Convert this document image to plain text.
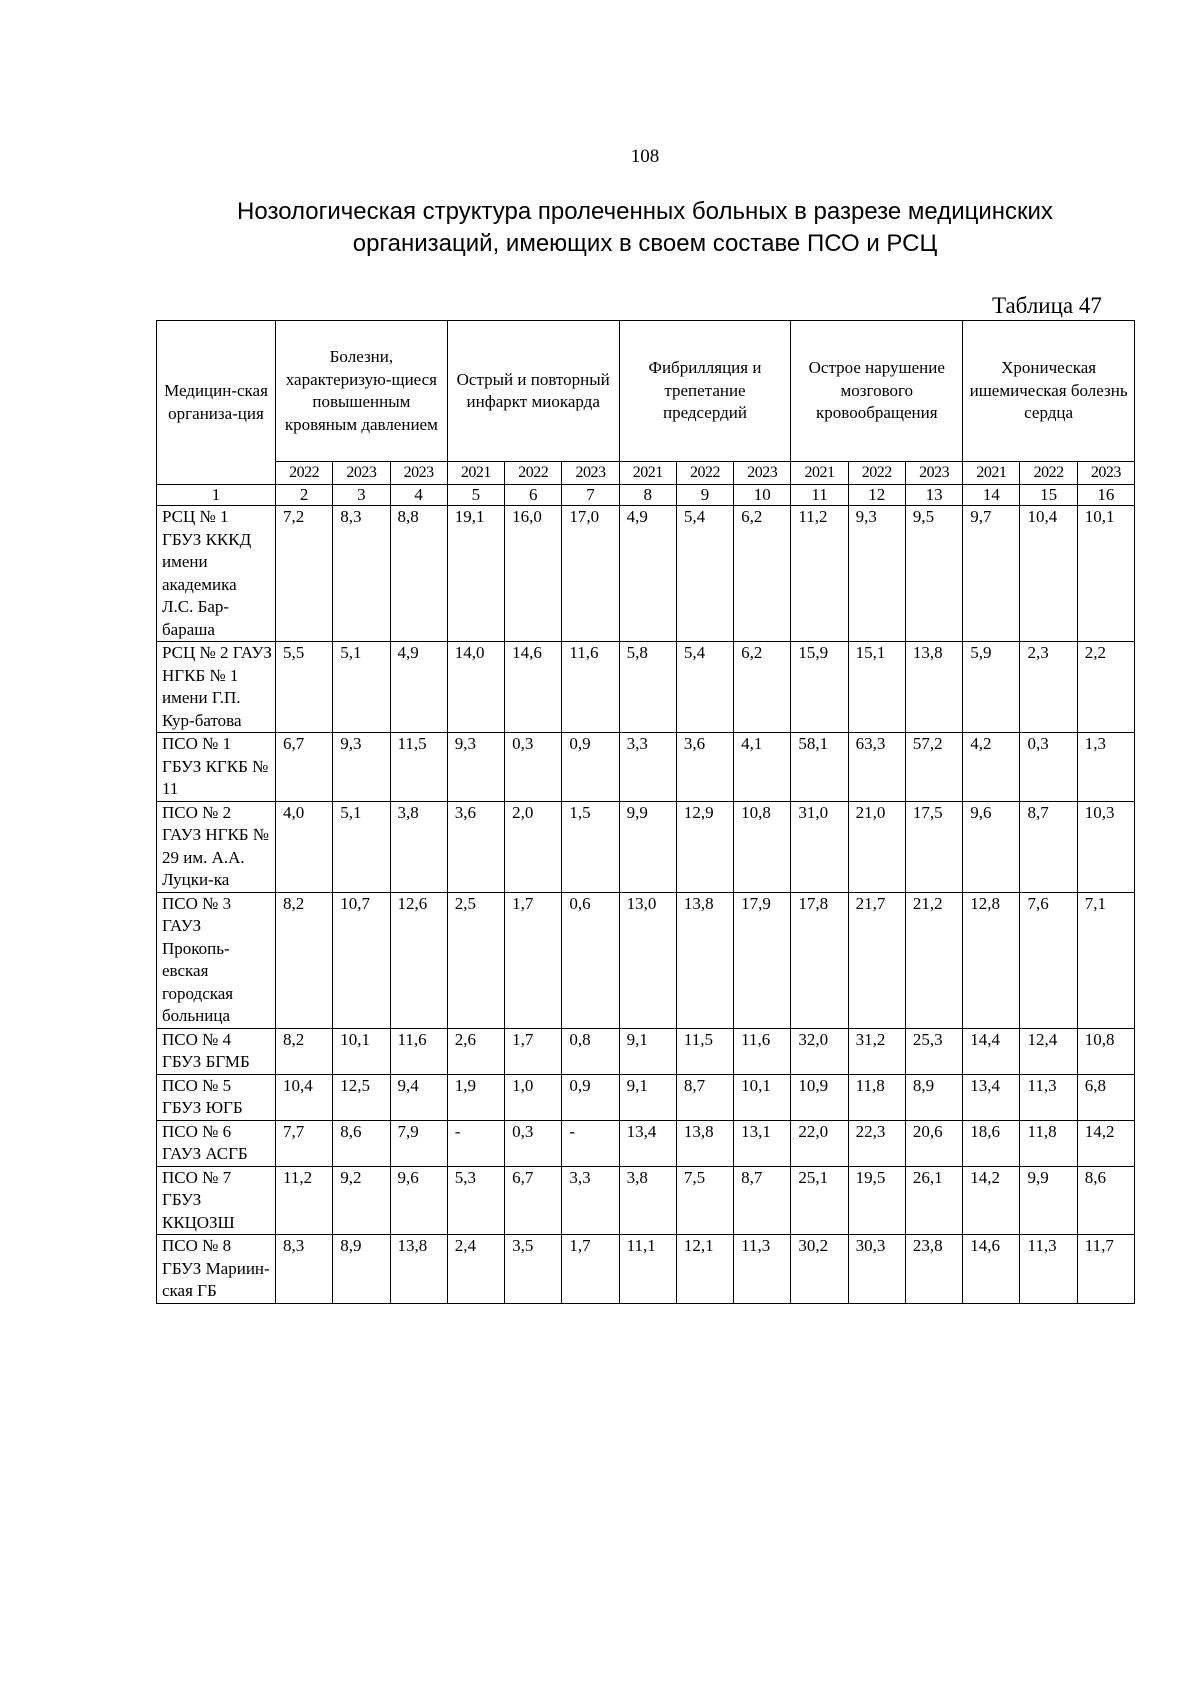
108
Нозологическая структура пролеченных больных в разрезе медицинских
организаций, имеющих в своем составе ПСО и РСЦ
Таблица 47
Медицин-ская организа-ция	Болезни, характеризую-щиеся повышенным кровяным давлением			Острый и повторный инфаркт миокарда			Фибрилляция и трепетание предсердий			Острое нарушение мозгового кровообращения			Хроническая ишемическая болезнь сердца		
	2022	2023	2023	2021	2022	2023	2021	2022	2023	2021	2022	2023	2021	2022	2023
1	2	3	4	5	6	7	8	9	10	11	12	13	14	15	16
РСЦ № 1 ГБУЗ КККД имени академика Л.С. Бар-бараша	7,2	8,3	8,8	19,1	16,0	17,0	4,9	5,4	6,2	11,2	9,3	9,5	9,7	10,4	10,1
РСЦ № 2 ГАУЗ НГКБ № 1 имени Г.П. Кур-батова	5,5	5,1	4,9	14,0	14,6	11,6	5,8	5,4	6,2	15,9	15,1	13,8	5,9	2,3	2,2
ПСО № 1 ГБУЗ КГКБ № 11	6,7	9,3	11,5	9,3	0,3	0,9	3,3	3,6	4,1	58,1	63,3	57,2	4,2	0,3	1,3
ПСО № 2 ГАУЗ НГКБ № 29 им. А.А. Луцки-ка	4,0	5,1	3,8	3,6	2,0	1,5	9,9	12,9	10,8	31,0	21,0	17,5	9,6	8,7	10,3
ПСО № 3 ГАУЗ Прокопь-евская городская больница	8,2	10,7	12,6	2,5	1,7	0,6	13,0	13,8	17,9	17,8	21,7	21,2	12,8	7,6	7,1
ПСО № 4 ГБУЗ БГМБ	8,2	10,1	11,6	2,6	1,7	0,8	9,1	11,5	11,6	32,0	31,2	25,3	14,4	12,4	10,8
ПСО № 5 ГБУЗ ЮГБ	10,4	12,5	9,4	1,9	1,0	0,9	9,1	8,7	10,1	10,9	11,8	8,9	13,4	11,3	6,8
ПСО № 6 ГАУЗ АСГБ	7,7	8,6	7,9	-	0,3	-	13,4	13,8	13,1	22,0	22,3	20,6	18,6	11,8	14,2
ПСО № 7 ГБУЗ ККЦОЗШ	11,2	9,2	9,6	5,3	6,7	3,3	3,8	7,5	8,7	25,1	19,5	26,1	14,2	9,9	8,6
ПСО № 8 ГБУЗ Мариин-ская ГБ	8,3	8,9	13,8	2,4	3,5	1,7	11,1	12,1	11,3	30,2	30,3	23,8	14,6	11,3	11,7
